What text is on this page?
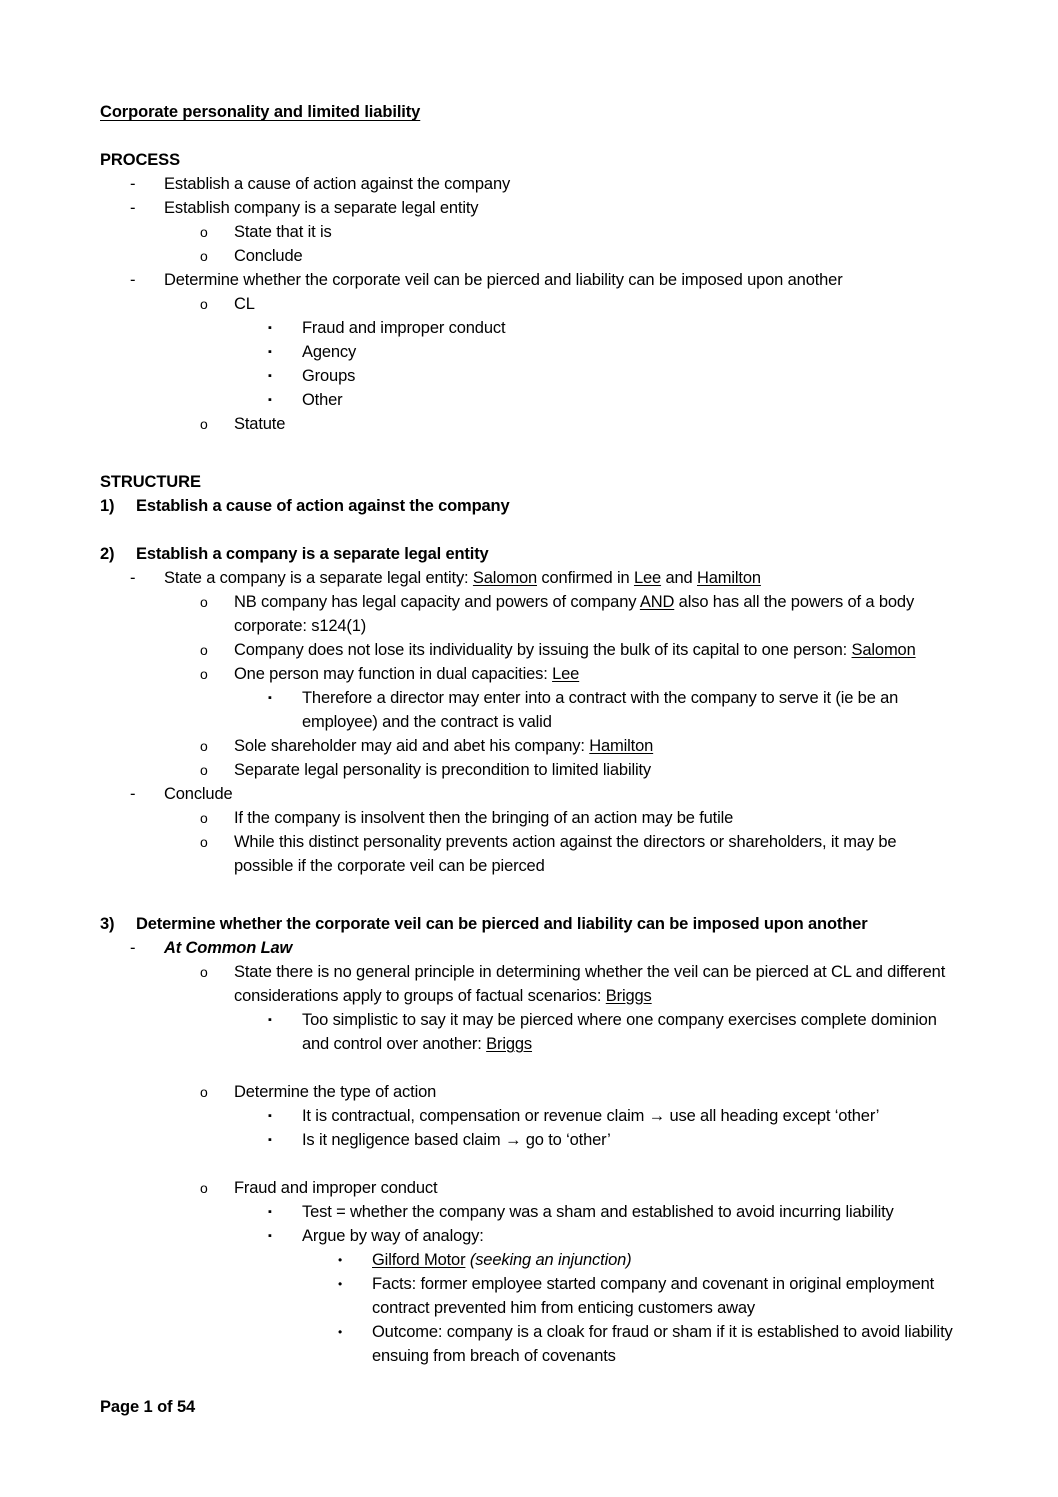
Corporate personality and limited liability
PROCESS
-	Establish a cause of action against the company
-	Establish company is a separate legal entity
o	State that it is
o	Conclude
-	Determine whether the corporate veil can be pierced and liability can be imposed upon another
o	CL
▪	Fraud and improper conduct
▪	Agency
▪	Groups
▪	Other
o	Statute
STRUCTURE
1)	Establish a cause of action against the company
2)	Establish a company is a separate legal entity
-	State a company is a separate legal entity: Salomon confirmed in Lee and Hamilton
o	NB company has legal capacity and powers of company AND also has all the powers of a body corporate: s124(1)
o	Company does not lose its individuality by issuing the bulk of its capital to one person: Salomon
o	One person may function in dual capacities: Lee
▪	Therefore a director may enter into a contract with the company to serve it (ie be an employee) and the contract is valid
o	Sole shareholder may aid and abet his company: Hamilton
o	Separate legal personality is precondition to limited liability
-	Conclude
o	If the company is insolvent then the bringing of an action may be futile
o	While this distinct personality prevents action against the directors or shareholders, it may be possible if the corporate veil can be pierced
3)	Determine whether the corporate veil can be pierced and liability can be imposed upon another
-	At Common Law
o	State there is no general principle in determining whether the veil can be pierced at CL and different considerations apply to groups of factual scenarios: Briggs
▪	Too simplistic to say it may be pierced where one company exercises complete dominion and control over another: Briggs
o	Determine the type of action
▪	It is contractual, compensation or revenue claim → use all heading except ‘other’
▪	Is it negligence based claim → go to ‘other’
o	Fraud and improper conduct
▪	Test = whether the company was a sham and established to avoid incurring liability
▪	Argue by way of analogy:
•	Gilford Motor (seeking an injunction)
•	Facts: former employee started company and covenant in original employment contract prevented him from enticing customers away
•	Outcome: company is a cloak for fraud or sham if it is established to avoid liability ensuing from breach of covenants
Page 1 of 54
